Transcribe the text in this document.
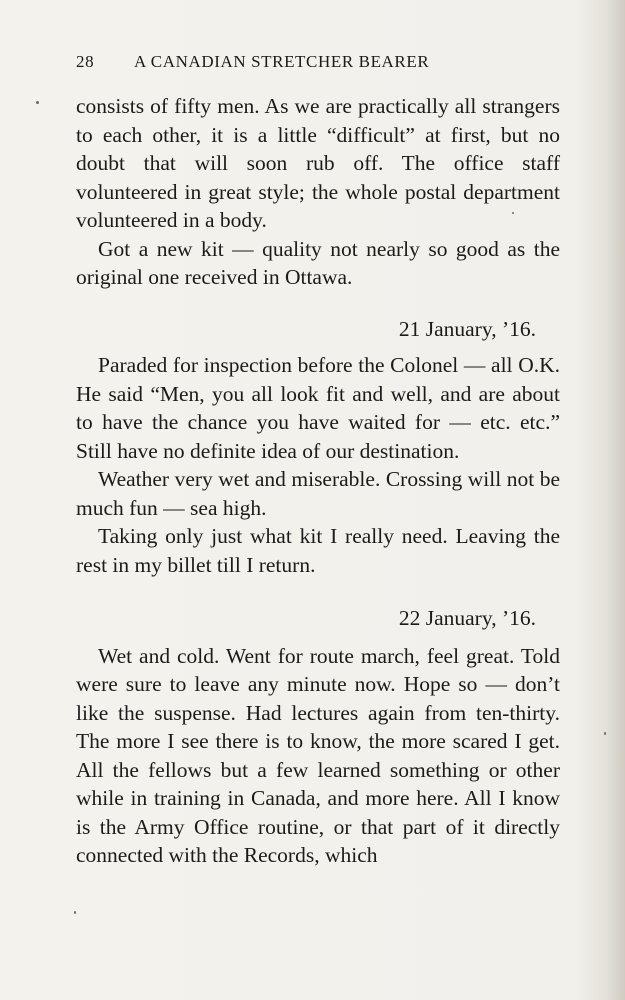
28 A CANADIAN STRETCHER BEARER

consists of fifty men. As we are practically all strangers to each other, it is a little “difficult” at first, but no doubt that will soon rub off. The office staff volunteered in great style; the whole postal department volunteered in a body.

Got a new kit — quality not nearly so good as the original one received in Ottawa.

21 January, ’16.

Paraded for inspection before the Colonel — all O.K. He said “Men, you all look fit and well, and are about to have the chance you have waited for — etc. etc.” Still have no definite idea of our destination.

Weather very wet and miserable. Crossing will not be much fun — sea high.

Taking only just what kit I really need. Leaving the rest in my billet till I return.

22 January, ’16.

Wet and cold. Went for route march, feel great. Told were sure to leave any minute now. Hope so — don’t like the suspense. Had lectures again from ten-thirty. The more I see there is to know, the more scared I get. All the fellows but a few learned something or other while in training in Canada, and more here. All I know is the Army Office routine, or that part of it directly connected with the Records, which
